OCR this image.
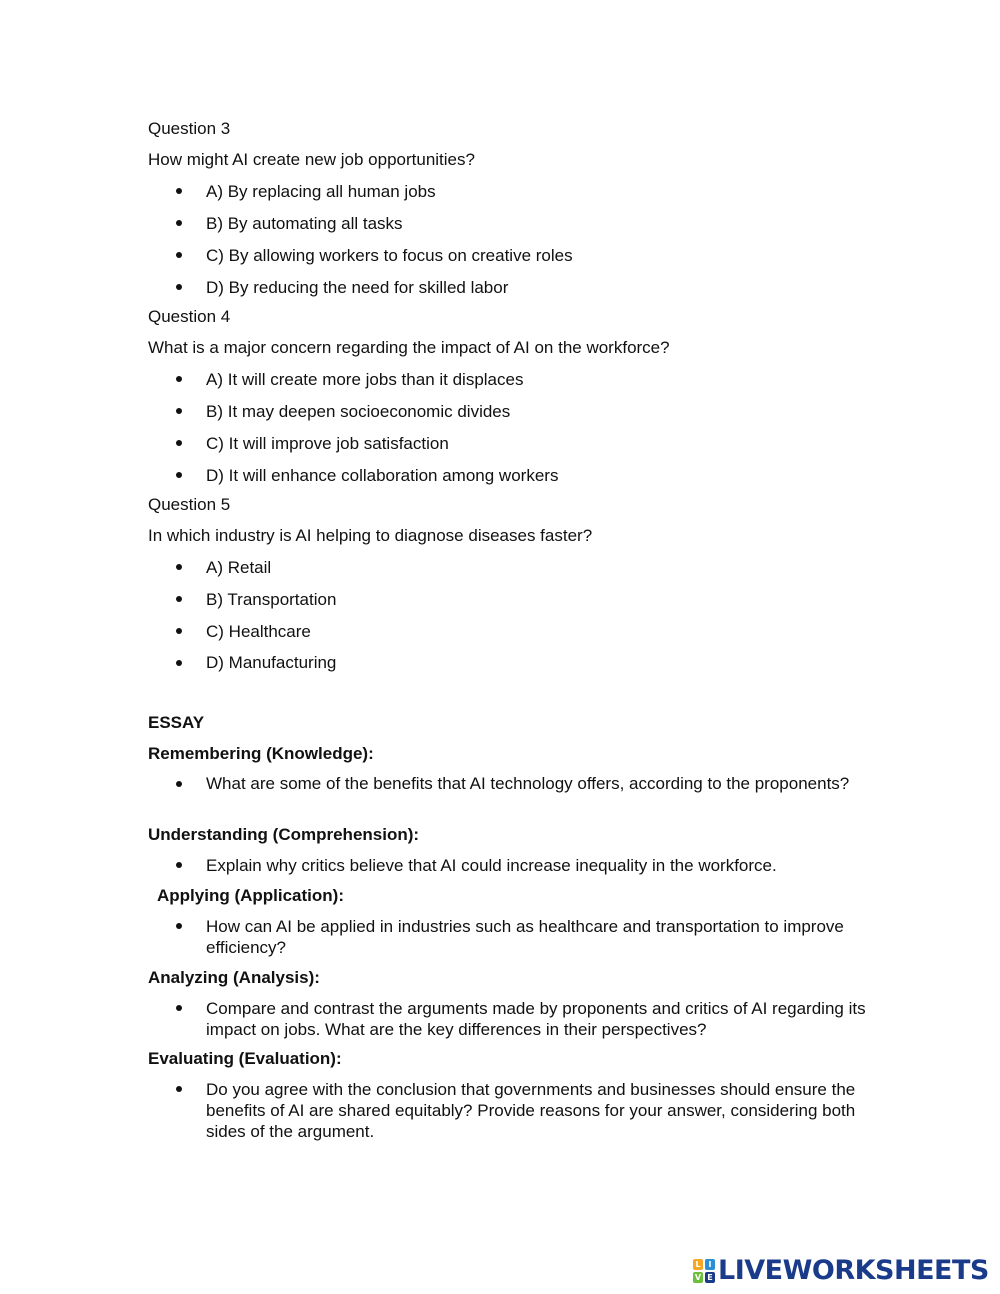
Question 3
How might AI create new job opportunities?
A) By replacing all human jobs
B) By automating all tasks
C) By allowing workers to focus on creative roles
D) By reducing the need for skilled labor
Question 4
What is a major concern regarding the impact of AI on the workforce?
A) It will create more jobs than it displaces
B) It may deepen socioeconomic divides
C) It will improve job satisfaction
D) It will enhance collaboration among workers
Question 5
In which industry is AI helping to diagnose diseases faster?
A) Retail
B) Transportation
C) Healthcare
D) Manufacturing
ESSAY
Remembering (Knowledge):
What are some of the benefits that AI technology offers, according to the proponents?
Understanding (Comprehension):
Explain why critics believe that AI could increase inequality in the workforce.
Applying (Application):
How can AI be applied in industries such as healthcare and transportation to improve efficiency?
Analyzing (Analysis):
Compare and contrast the arguments made by proponents and critics of AI regarding its impact on jobs. What are the key differences in their perspectives?
Evaluating (Evaluation):
Do you agree with the conclusion that governments and businesses should ensure the benefits of AI are shared equitably? Provide reasons for your answer, considering both sides of the argument.
L I
V E LIVEWORKSHEETS
